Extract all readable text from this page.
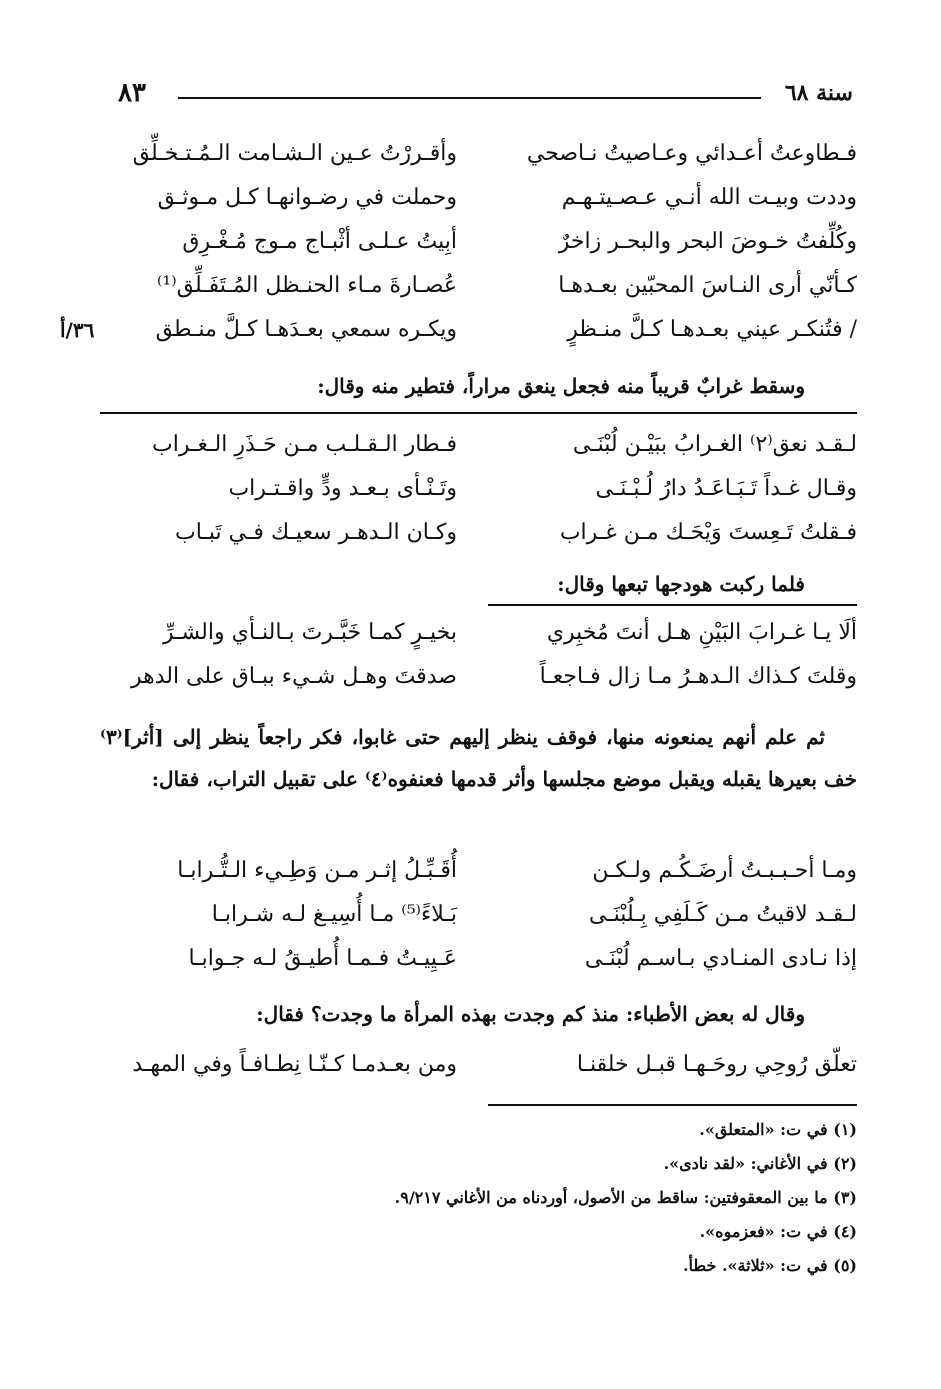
سنة ٦٨
٨٣
فـطاوعتُ أعـدائي وعـاصيتُ نـاصحي
وأقـررْتُ عـين الـشـامت الـمُـتـخـلِّق
وددت وبيـت الله أنـي عـصـيتـهـم
وحملت في رضـوانهـا كـل مـوثـق
وكُلِّفتُ خـوضَ البحر والبحـر زاخرٌ
أبِيتُ عـلـى أثْبـاج مـوج مُـغْـرِق
كـأنّي أرى النـاسَ المحبّين بعـدهـا
عُصـارةَ مـاء الحنـظل المُـتَفَـلِّق⁽¹⁾
/ فتُنكـر عيني بعـدهـا كـلَّ منـظرٍ
ويكـره سمعي بعـدَهـا كـلَّ منـطق
٣٦/أ
وسقط غرابٌ قريباً منه فجعل ينعق مراراً، فتطير منه وقال:
لـقـد نعق⁽٢⁾ الغـرابُ ببَيْـن لُبْنَـى
فـطار الـقـلـب مـن حَـذَرِ الـغـراب
وقـال غـداً تَـبَـاعَـدُ دارُ لُـبْـنَـى
وتَـنْـأى بـعـد ودٍّ واقـتـراب
فـقلتُ تَـعِستَ وَيْحَـك مـن غـراب
وكـان الـدهـر سعيـك فـي تَبـاب
فلما ركبت هودجها تبعها وقال:
ألَا يـا غـرابَ البَيْنِ هـل أنتَ مُخبِري
بخيـرٍ كمـا خَبَّـرتَ بـالنـأي والشـرِّ
وقلتَ كـذاك الـدهـرُ مـا زال فـاجعـاً
صدقتَ وهـل شـيء ببـاق على الدهر
ثم علم أنهم يمنعونه منها، فوقف ينظر إليهم حتى غابوا، فكر راجعاً ينظر إلى [أثر]⁽٣⁾ خف بعيرها يقبله ويقبل موضع مجلسها وأثر قدمها فعنفوه⁽٤⁾ على تقبيل التراب، فقال:
ومـا أحـبـبـتُ أرضَـكُـم ولـكـن
أُقَـبِّـلُ إثـر مـن وَطِـيء الـتُّـرابـا
لـقـد لاقيتُ مـن كَـلَفِي بِـلُبْنَـى
بَـلاءً⁽⁵⁾ مـا أُسِيـغ لـه شـرابـا
إذا نـادى المنـادي بـاسـم لُبْنَـى
عَـيِيـتُ فـمـا أُطيـقُ لـه جـوابـا
وقال له بعض الأطباء: منذ كم وجدت بهذه المرأة ما وجدت؟ فقال:
تعلّق رُوحِي روحَـهـا قبـل خلقنـا
ومن بعـدمـا كـنّـا نِطـافـاً وفي المهـد
(١) في ت: «المتعلق».
(٢) في الأغاني: «لقد نادى».
(٣) ما بين المعقوفتين: ساقط من الأصول، أوردناه من الأغاني ٩/٢١٧.
(٤) في ت: «فعزموه».
(٥) في ت: «ثلاثة». خطأ.
